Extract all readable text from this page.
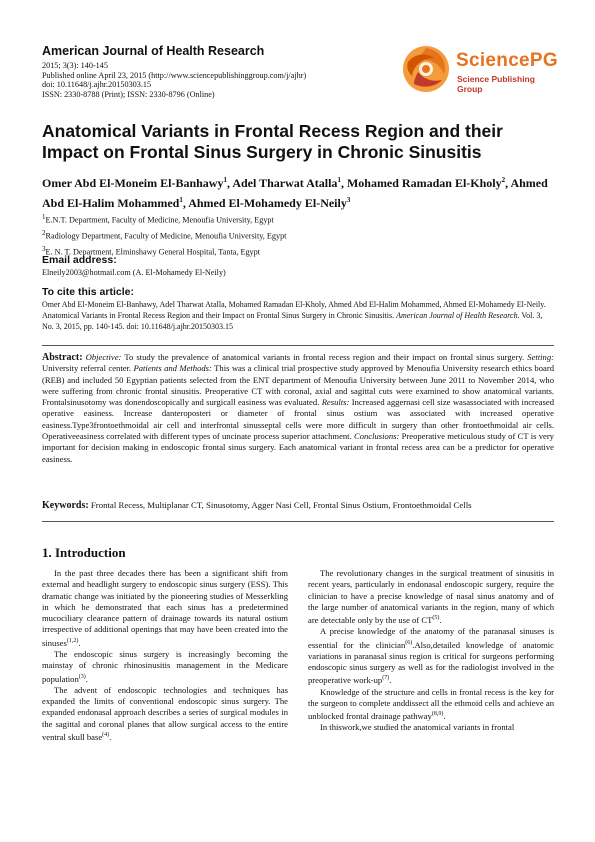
American Journal of Health Research
2015; 3(3): 140-145
Published online April 23, 2015 (http://www.sciencepublishinggroup.com/j/ajhr)
doi: 10.11648/j.ajhr.20150303.15
ISSN: 2330-8788 (Print); ISSN: 2330-8796 (Online)
SciencePG
Science Publishing Group
Anatomical Variants in Frontal Recess Region and their Impact on Frontal Sinus Surgery in Chronic Sinusitis
Omer Abd El-Moneim El-Banhawy$^1$, Adel Tharwat Atalla$^1$, Mohamed Ramadan El-Kholy$^2$, Ahmed Abd El-Halim Mohammed$^1$, Ahmed El-Mohamedy El-Neily$^3$
$^1$E.N.T. Department, Faculty of Medicine, Menoufia University, Egypt
$^2$Radiology Department, Faculty of Medicine, Menoufia University, Egypt
$^3$E. N. T. Department, Elminshawy General Hospital, Tanta, Egypt
Email address:
Elneily2003@hotmail.com (A. El-Mohamedy El-Neily)
To cite this article:
Omer Abd El-Moneim El-Banhawy, Adel Tharwat Atalla, Mohamed Ramadan El-Kholy, Ahmed Abd El-Halim Mohammed, Ahmed El-Mohamedy El-Neily. Anatomical Variants in Frontal Recess Region and their Impact on Frontal Sinus Surgery in Chronic Sinusitis. American Journal of Health Research. Vol. 3, No. 3, 2015, pp. 140-145. doi: 10.11648/j.ajhr.20150303.15
Abstract: Objective: To study the prevalence of anatomical variants in frontal recess region and their impact on frontal sinus surgery. Setting: University referral center. Patients and Methods: This was a clinical trial prospective study approved by Menoufia University research ethics board (REB) and included 50 Egyptian patients selected from the ENT department of Menoufia University between June 2011 to November 2014, who were suffering from chronic frontal sinusitis. Preoperative CT with coronal, axial and sagittal cuts were examined to show anatomical variants. Frontalsinusotomy was donendoscopically and surgicall easiness was evaluated. Results: Increased aggernasi cell size wasassociated with increased operative easiness. Increase danteroposteri or diameter of frontal sinus ostium was associated with increased operative easiness.Type3frontoethmoidal air cell and interfrontal sinusseptal cells were more difficult in surgery than other frontoethmoidal air cells. Operativeeasiness correlated with different types of uncinate process superior attachment. Conclusions: Preoperative meticulous study of CT is very important for decision making in endoscopic frontal sinus surgery. Each anatomical variant in frontal recess area can be a predictor for operative easiness.
Keywords: Frontal Recess, Multiplanar CT, Sinusotomy, Agger Nasi Cell, Frontal Sinus Ostium, Frontoethmoidal Cells
1. Introduction

In the past three decades there has been a significant shift from external and headlight surgery to endoscopic sinus surgery (ESS). This dramatic change was initiated by the pioneering studies of Messerkling in which he demonstrated that each sinus has a predetermined mucociliary clearance pattern of drainage towards its natural ostium irrespective of additional openings that may have been created into the sinuses$^{(1,2)}$.

The endoscopic sinus surgery is increasingly becoming the mainstay of chronic rhinosinusitis management in the Medicare population$^{(3)}$.

The advent of endoscopic technologies and techniques has expanded the limits of conventional endoscopic sinus surgery. The expanded endonasal approach describes a series of surgical modules in the sagittal and coronal planes that allow surgical access to the entire ventral skull base$^{(4)}$.

The revolutionary changes in the surgical treatment of sinusitis in recent years, particularly in endonasal endoscopic surgery, require the clinician to have a precise knowledge of nasal sinus anatomy and of the large number of anatomical variants in the region, many of which are detectable only by the use of CT$^{(5)}$.

A precise knowledge of the anatomy of the paranasal sinuses is essential for the clinician$^{(6)}$.Also,detailed knowledge of anatomic variations in paranasal sinus region is critical for surgeons performing endoscopic sinus surgery as well as for the radiologist involved in the preoperative work-$up^{(7)}$.

Knowledge of the structure and cells in frontal recess is the key for the surgeon to complete anddissect all the ethmoid cells and achieve an unblocked frontal drainage pathway$^{(8,9)}$.

In thiswork,we studied the anatomical variants in frontal
